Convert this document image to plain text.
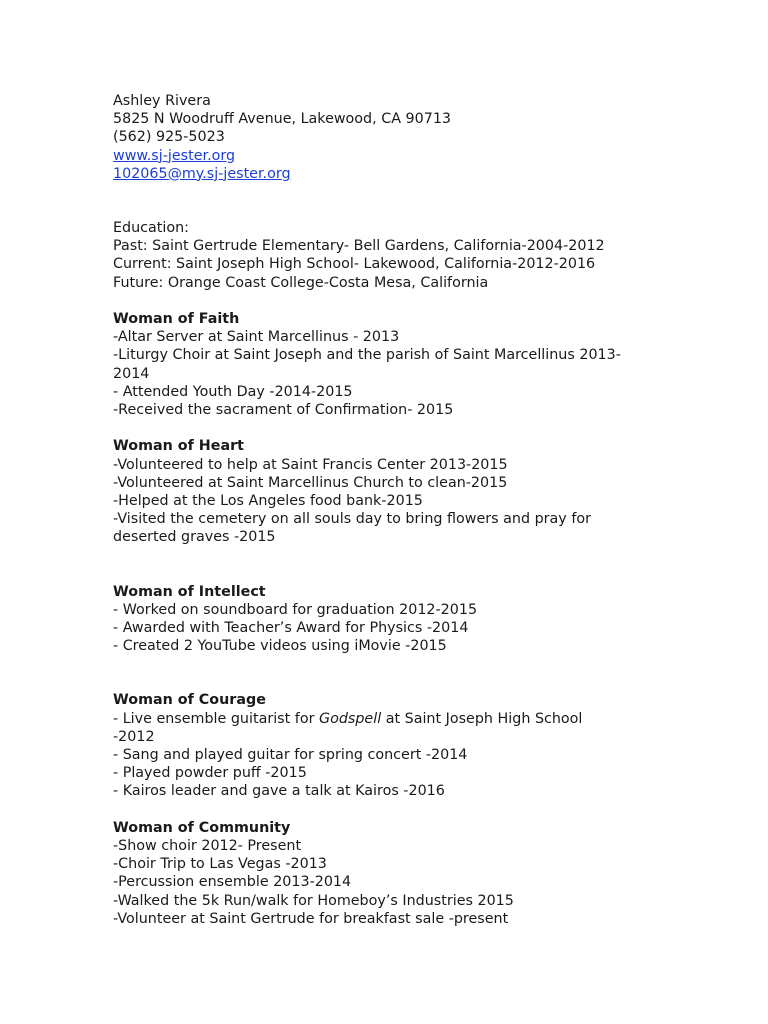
Ashley Rivera
5825 N Woodruff Avenue, Lakewood, CA 90713
(562) 925-5023
www.sj-jester.org
102065@my.sj-jester.org
Education:
Past: Saint Gertrude Elementary- Bell Gardens, California-2004-2012
Current: Saint Joseph High School- Lakewood, California-2012-2016
Future: Orange Coast College-Costa Mesa, California
Woman of Faith
-Altar Server at Saint Marcellinus - 2013
-Liturgy Choir at Saint Joseph and the parish of Saint Marcellinus 2013-
2014
- Attended Youth Day -2014-2015
-Received the sacrament of Confirmation- 2015
Woman of Heart
-Volunteered to help at Saint Francis Center 2013-2015
-Volunteered at Saint Marcellinus Church to clean-2015
-Helped at the Los Angeles food bank-2015
-Visited the cemetery on all souls day to bring flowers and pray for
deserted graves -2015
Woman of Intellect
- Worked on soundboard for graduation 2012-2015
- Awarded with Teacher’s Award for Physics -2014
- Created 2 YouTube videos using iMovie -2015
Woman of Courage
- Live ensemble guitarist for Godspell at Saint Joseph High School
-2012
- Sang and played guitar for spring concert -2014
- Played powder puff -2015
- Kairos leader and gave a talk at Kairos -2016
Woman of Community
-Show choir 2012- Present
-Choir Trip to Las Vegas -2013
-Percussion ensemble 2013-2014
-Walked the 5k Run/walk for Homeboy’s Industries 2015
-Volunteer at Saint Gertrude for breakfast sale -present
